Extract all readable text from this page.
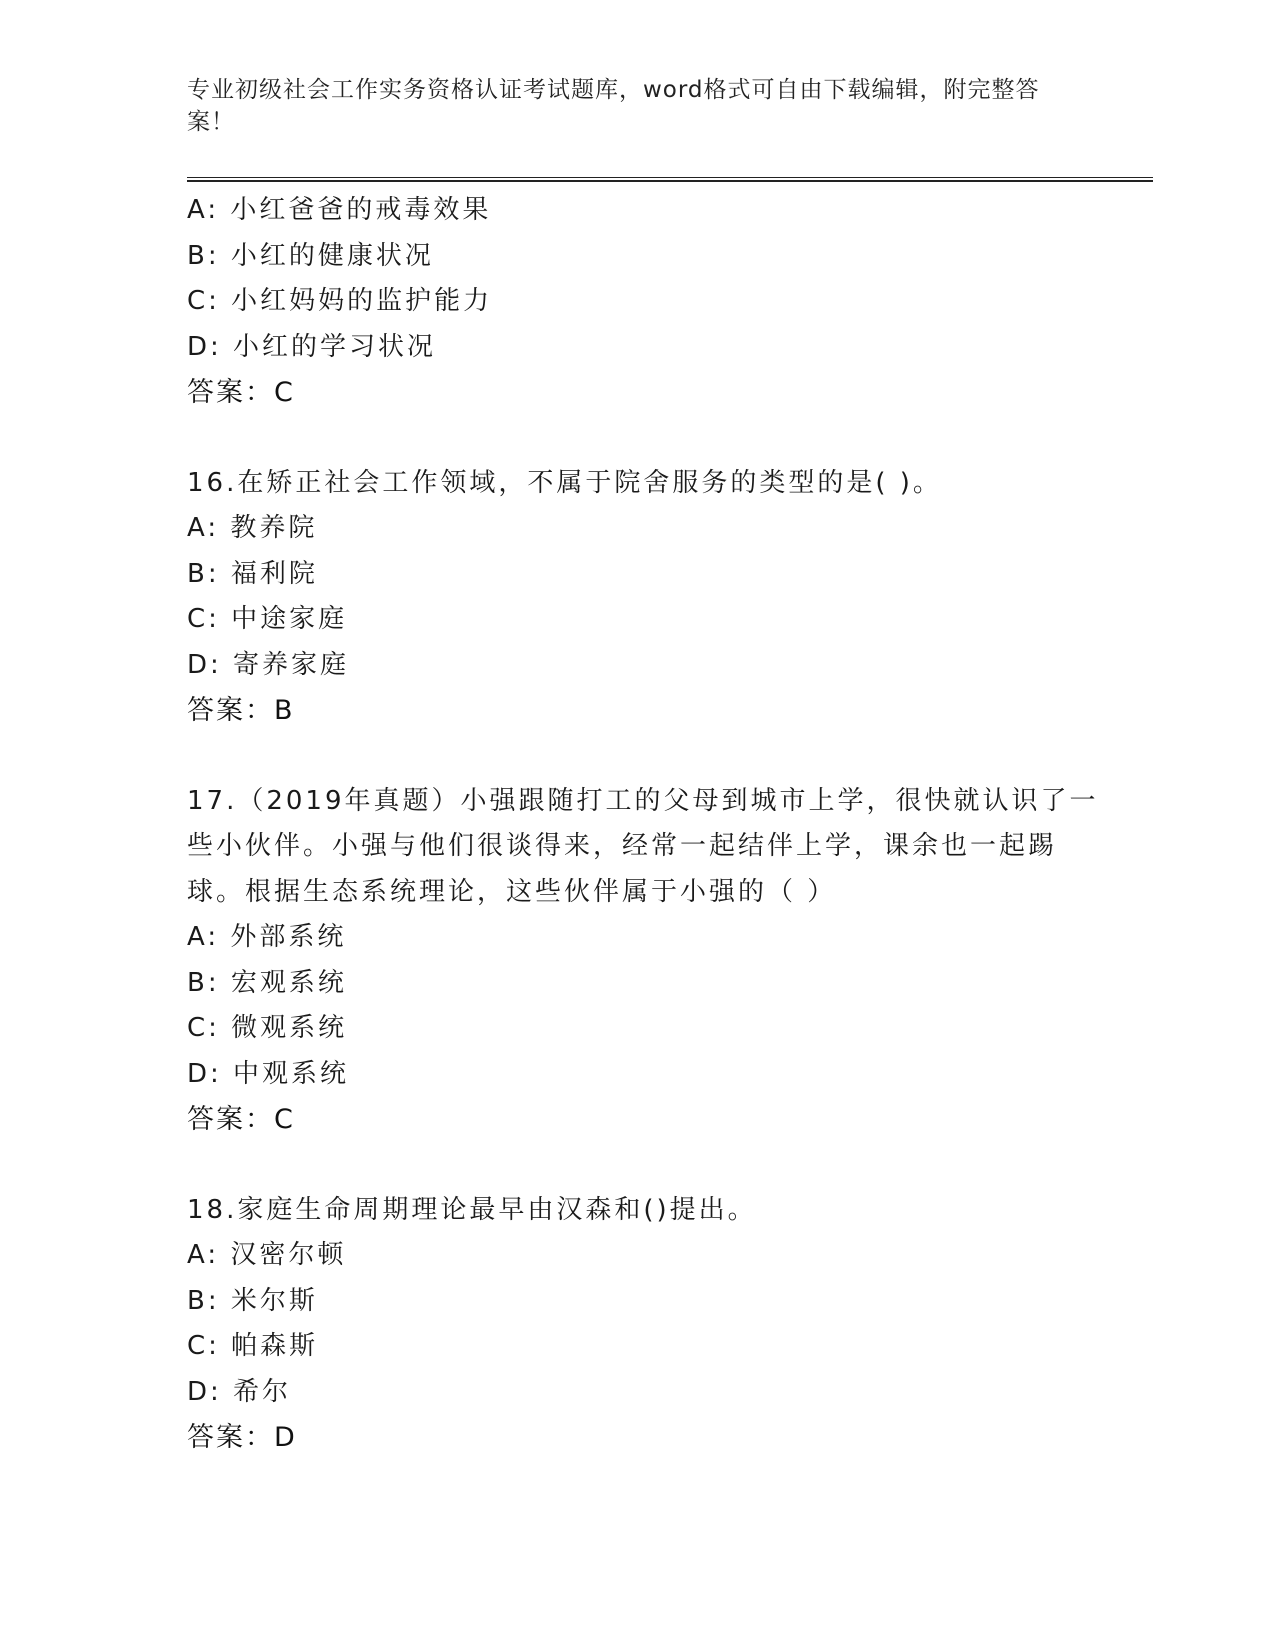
专业初级社会工作实务资格认证考试题库，word格式可自由下载编辑，附完整答
案！
A: 小红爸爸的戒毒效果
B: 小红的健康状况
C: 小红妈妈的监护能力
D: 小红的学习状况
答案：C
16.在矫正社会工作领域，不属于院舍服务的类型的是( )。
A: 教养院
B: 福利院
C: 中途家庭
D: 寄养家庭
答案：B
17.（2019年真题）小强跟随打工的父母到城市上学，很快就认识了一
些小伙伴。小强与他们很谈得来，经常一起结伴上学，课余也一起踢
球。根据生态系统理论，这些伙伴属于小强的（ ）
A: 外部系统
B: 宏观系统
C: 微观系统
D: 中观系统
答案：C
18.家庭生命周期理论最早由汉森和()提出。
A: 汉密尔顿
B: 米尔斯
C: 帕森斯
D: 希尔
答案：D
